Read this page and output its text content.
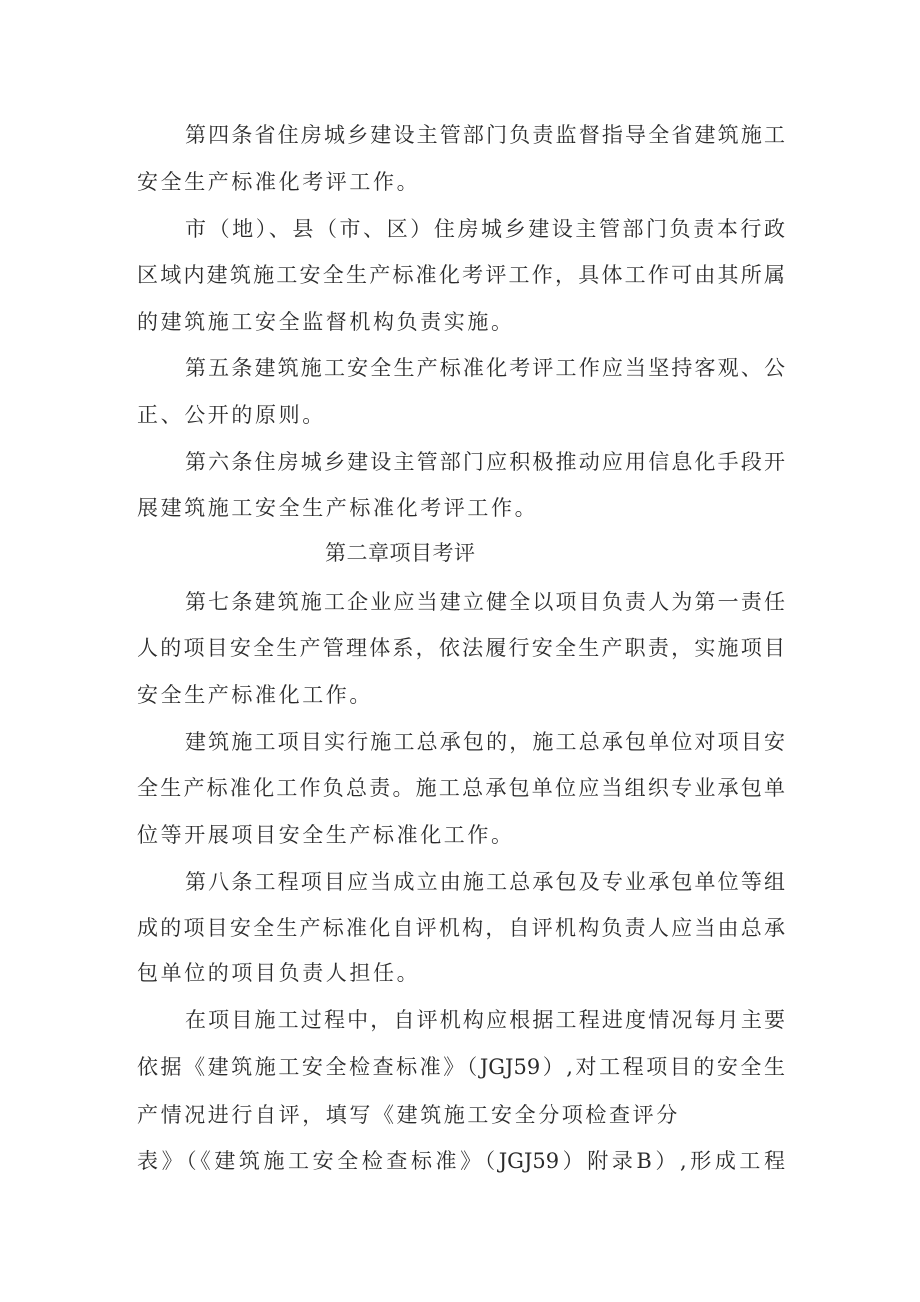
第四条省住房城乡建设主管部门负责监督指导全省建筑施工
安全生产标准化考评工作。
市（地）、县（市、区）住房城乡建设主管部门负责本行政
区域内建筑施工安全生产标准化考评工作，具体工作可由其所属
的建筑施工安全监督机构负责实施。
第五条建筑施工安全生产标准化考评工作应当坚持客观、公
正、公开的原则。
第六条住房城乡建设主管部门应积极推动应用信息化手段开
展建筑施工安全生产标准化考评工作。
第二章项目考评
第七条建筑施工企业应当建立健全以项目负责人为第一责任
人的项目安全生产管理体系，依法履行安全生产职责，实施项目
安全生产标准化工作。
建筑施工项目实行施工总承包的，施工总承包单位对项目安
全生产标准化工作负总责。施工总承包单位应当组织专业承包单
位等开展项目安全生产标准化工作。
第八条工程项目应当成立由施工总承包及专业承包单位等组
成的项目安全生产标准化自评机构，自评机构负责人应当由总承
包单位的项目负责人担任。
在项目施工过程中，自评机构应根据工程进度情况每月主要
依据《建筑施工安全检查标准》（JGJ59）,对工程项目的安全生
产情况进行自评，填写《建筑施工安全分项检查评分
表》（《建筑施工安全检查标准》（JGJ59）附录B）,形成工程
